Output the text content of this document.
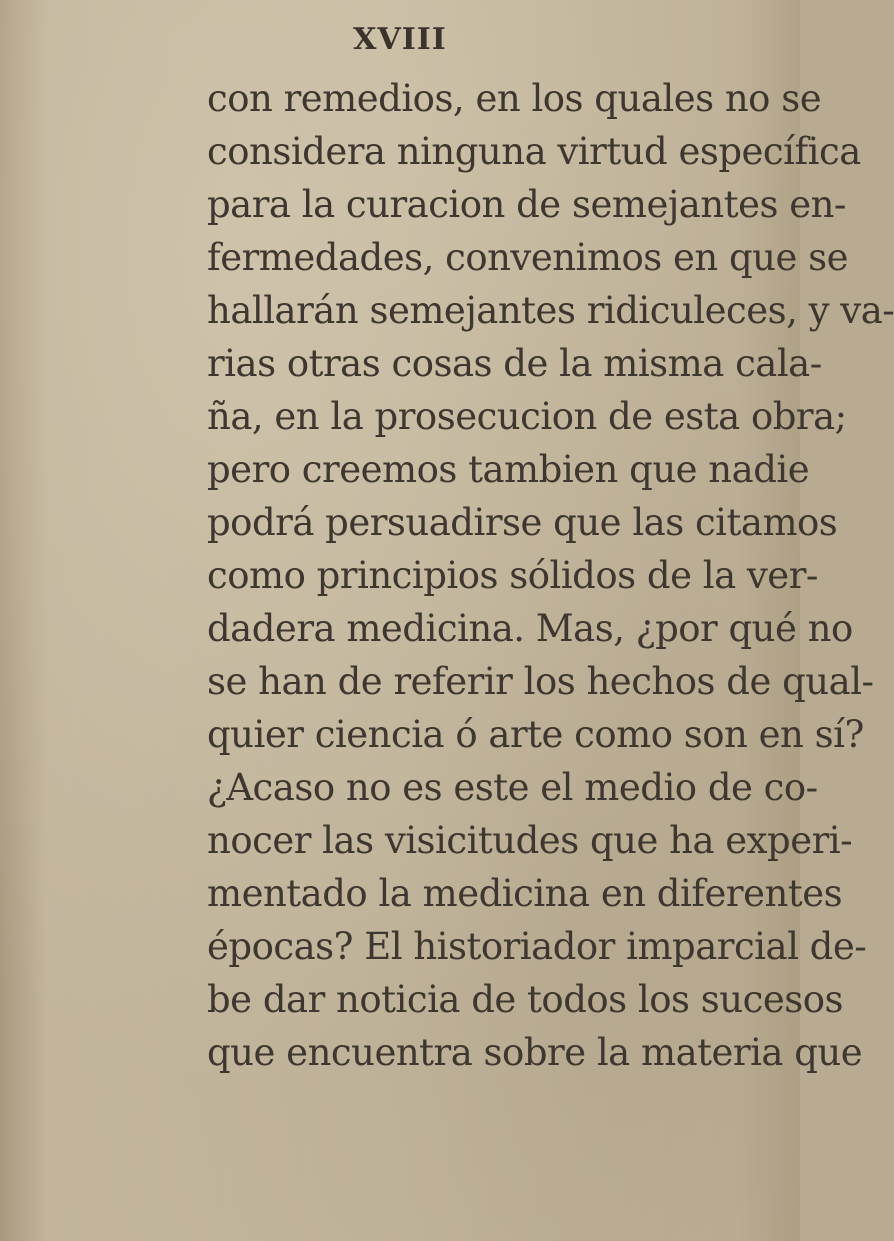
XVIII

con remedios, en los quales no se
considera ninguna virtud específica
para la curacion de semejantes en-
fermedades, convenimos en que se
hallarán semejantes ridiculeces, y va-
rias otras cosas de la misma cala-
ña, en la prosecucion de esta obra;
pero creemos tambien que nadie
podrá persuadirse que las citamos
como principios sólidos de la ver-
dadera medicina. Mas, ¿por qué no
se han de referir los hechos de qual-
quier ciencia ó arte como son en sí?
¿Acaso no es este el medio de co-
nocer las visicitudes que ha experi-
mentado la medicina en diferentes
épocas? El historiador imparcial de-
be dar noticia de todos los sucesos
que encuentra sobre la materia que
